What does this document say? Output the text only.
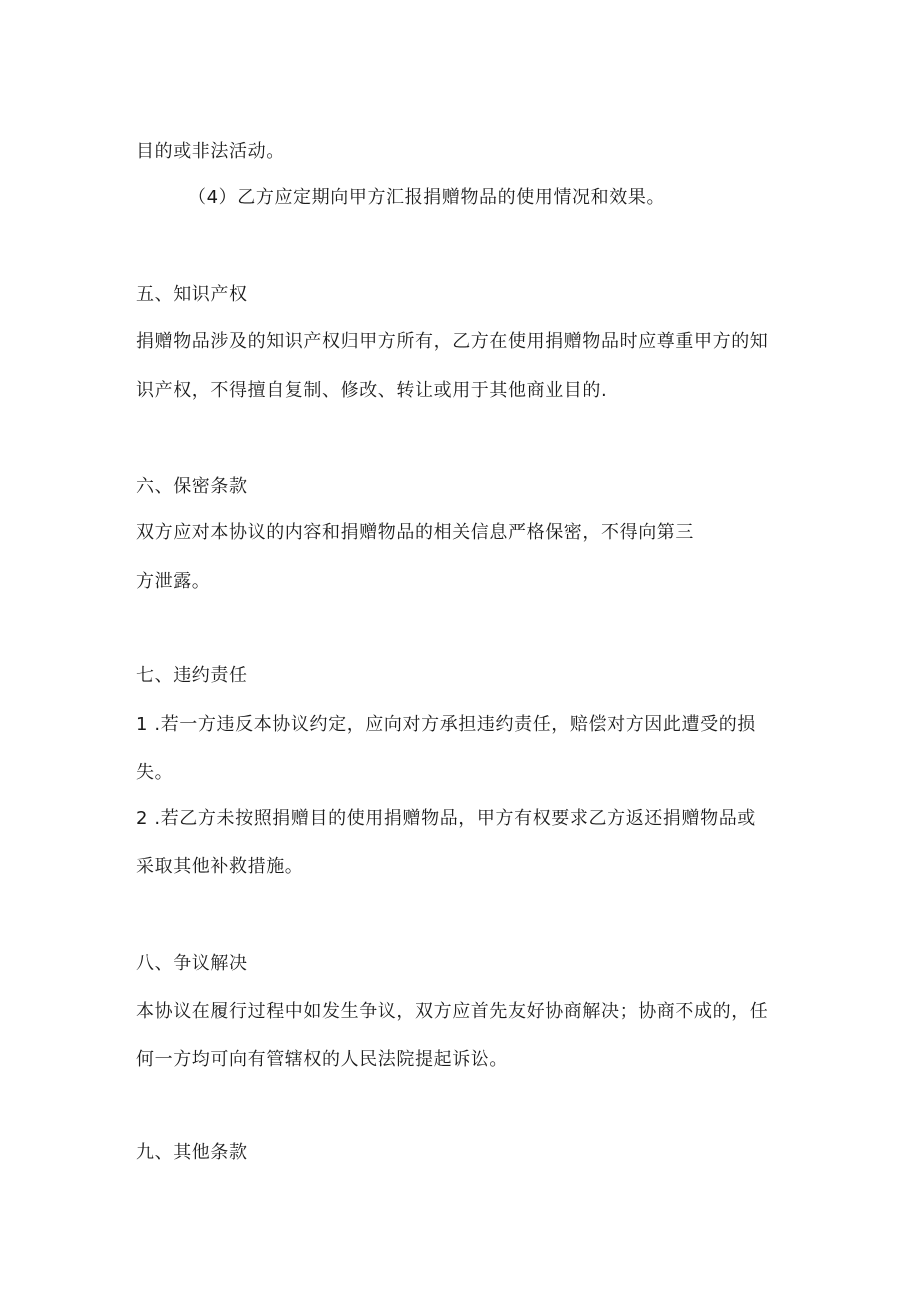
目的或非法活动。
（4）乙方应定期向甲方汇报捐赠物品的使用情况和效果。
五、知识产权
捐赠物品涉及的知识产权归甲方所有，乙方在使用捐赠物品时应尊重甲方的知
识产权，不得擅自复制、修改、转让或用于其他商业目的.
六、保密条款
双方应对本协议的内容和捐赠物品的相关信息严格保密，不得向第三
方泄露。
七、违约责任
1 .若一方违反本协议约定，应向对方承担违约责任，赔偿对方因此遭受的损
失。
2 .若乙方未按照捐赠目的使用捐赠物品，甲方有权要求乙方返还捐赠物品或
采取其他补救措施。
八、争议解决
本协议在履行过程中如发生争议，双方应首先友好协商解决；协商不成的，任
何一方均可向有管辖权的人民法院提起诉讼。
九、其他条款
